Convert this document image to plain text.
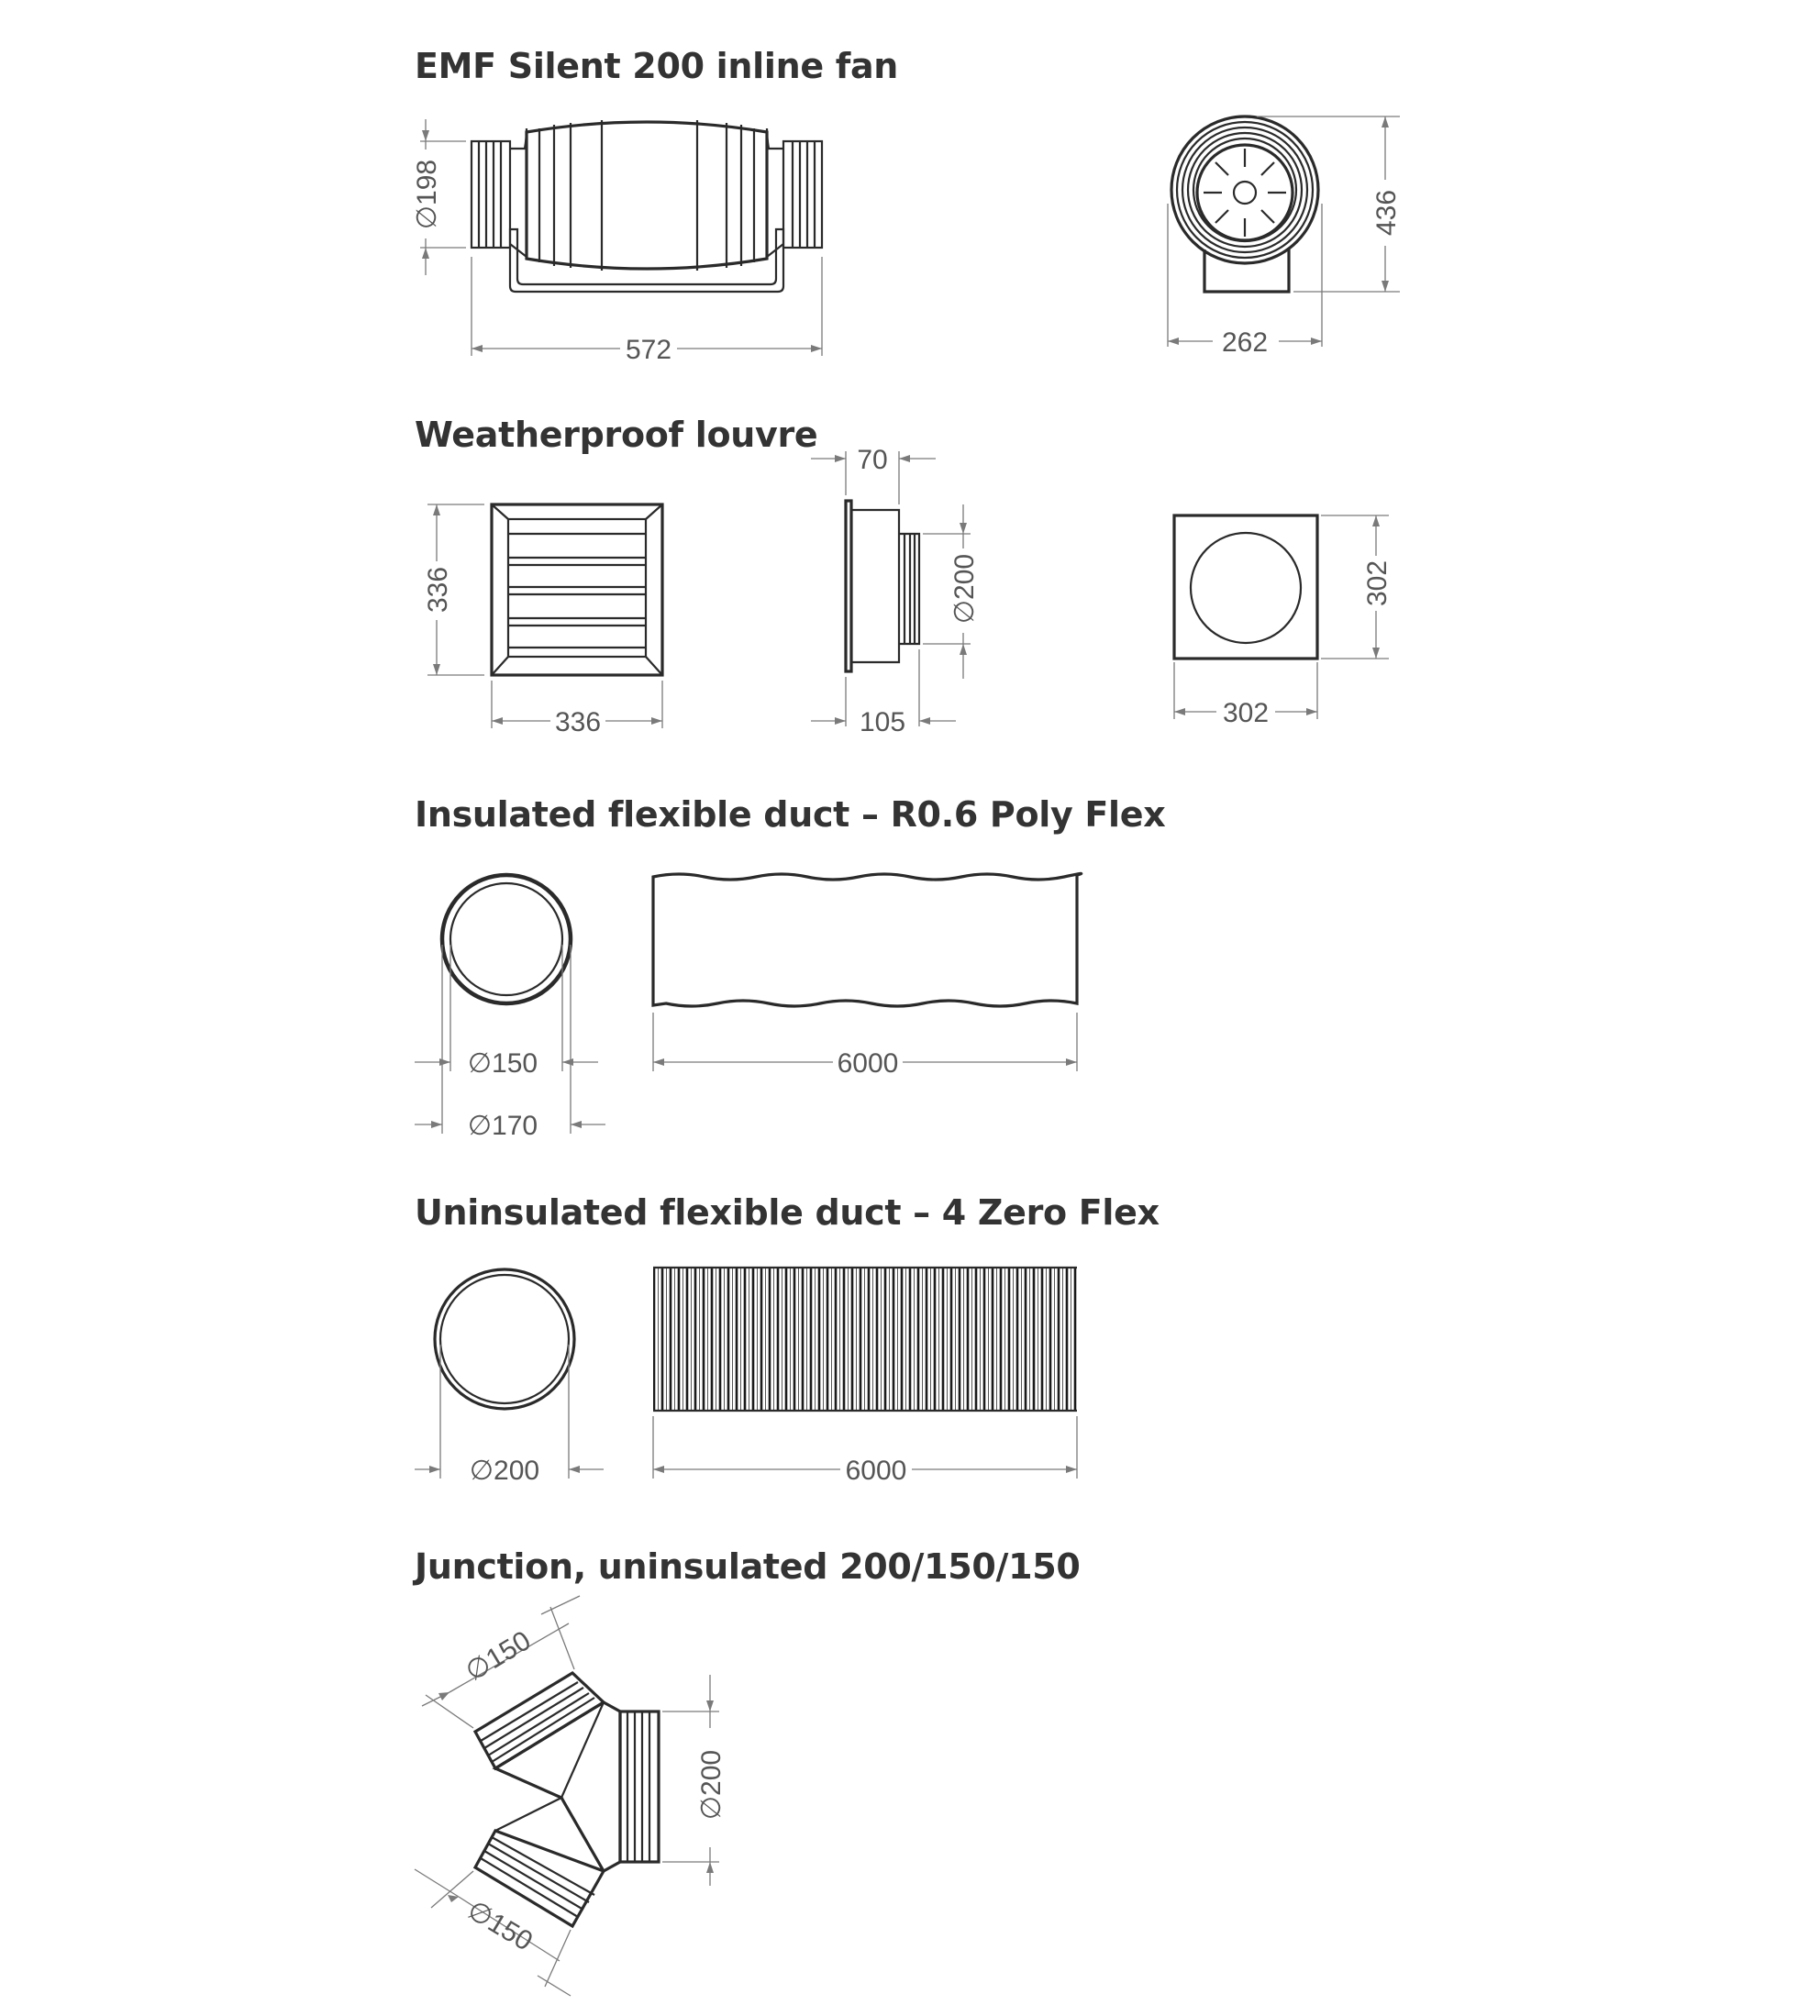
EMF Silent 200 inline fan
Weatherproof louvre
Insulated flexible duct – R0.6 Poly Flex
Uninsulated flexible duct – 4 Zero Flex
Junction, uninsulated 200/150/150
∅198
572
436
262
336
336
70
∅200
105
302
302
∅150
∅170
6000
∅200	6000
∅200
∅150
∅150
